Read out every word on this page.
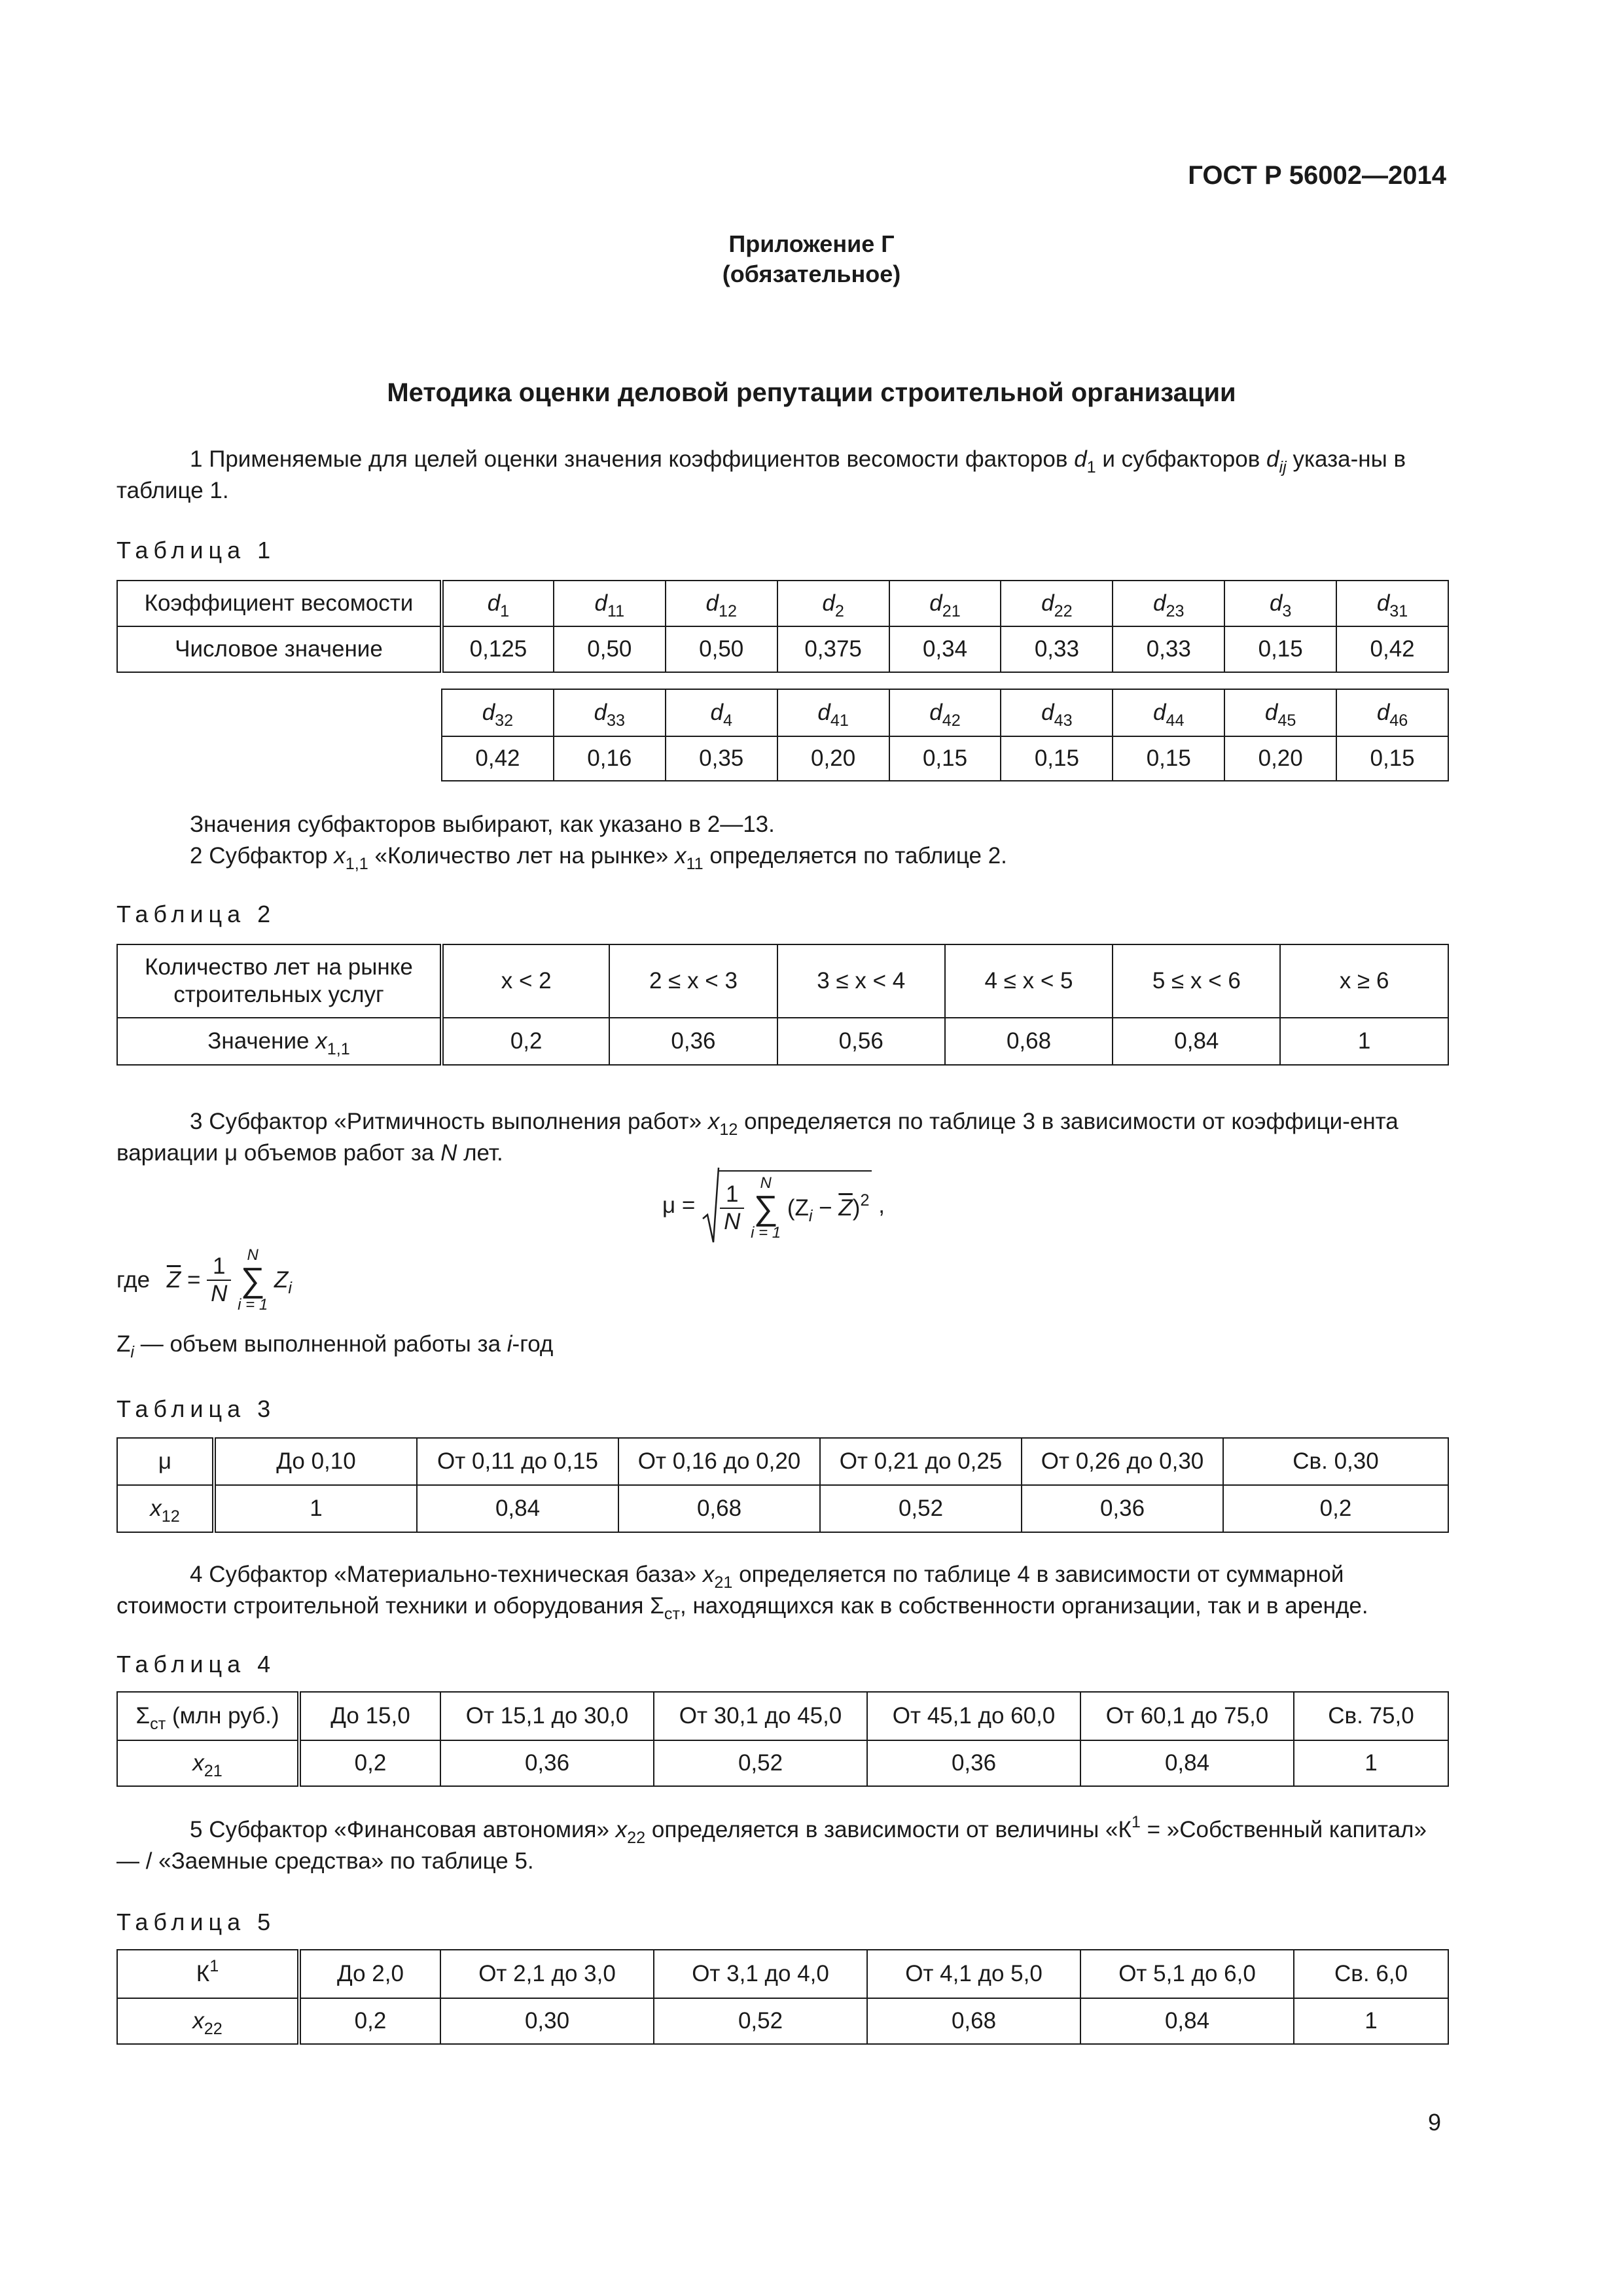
ГОСТ Р 56002—2014
Приложение Г
(обязательное)
Методика оценки деловой репутации строительной организации
1 Применяемые для целей оценки значения коэффициентов весомости факторов $d_1$ и субфакторов $d_{ij}$ указа-ны в таблице 1.
Таблица 1
Коэффициент весомости	$d_1$	$d_{11}$	$d_{12}$	$d_2$	$d_{21}$	$d_{22}$	$d_{23}$	$d_3$	$d_{31}$
Числовое значение	0,125	0,50	0,50	0,375	0,34	0,33	0,33	0,15	0,42
$d_{32}$	$d_{33}$	$d_4$	$d_{41}$	$d_{42}$	$d_{43}$	$d_{44}$	$d_{45}$	$d_{46}$
0,42	0,16	0,35	0,20	0,15	0,15	0,15	0,20	0,15
Значения субфакторов выбирают, как указано в 2—13.
2 Субфактор $x_{1,1}$ «Количество лет на рынке» $x_{11}$ определяется по таблице 2.
Таблица 2
Количество лет на рынке строительных услуг	x < 2	2 ≤ x < 3	3 ≤ x < 4	4 ≤ x < 5	5 ≤ x < 6	x ≥ 6
Значение $x_{1,1}$	0,2	0,36	0,56	0,68	0,84	1
3 Субфактор «Ритмичность выполнения работ» $x_{12}$ определяется по таблице 3 в зависимости от коэффици-ента вариации μ объемов работ за N лет.
$\mu = \frac{1}{N}$
	N
∑
i = 1
$(Z_i - \overline{Z})^2$ ,
где $\overline{Z} = \frac{1}{N}$
	N
∑
i = 1
$Z_i$
$Z_i$ — объем выполненной работы за i-год
Таблица 3
μ	До 0,10	От 0,11 до 0,15	От 0,16 до 0,20	От 0,21 до 0,25	От 0,26 до 0,30	Св. 0,30
$x_{12}$	1	0,84	0,68	0,52	0,36	0,2
4 Субфактор «Материально-техническая база» $x_{21}$ определяется по таблице 4 в зависимости от суммарной стоимости строительной техники и оборудования $\Sigma_{ст}$, находящихся как в собственности организации, так и в аренде.
Таблица 4
$\Sigma_{ст}$ (млн руб.)	До 15,0	От 15,1 до 30,0	От 30,1 до 45,0	От 45,1 до 60,0	От 60,1 до 75,0	Св. 75,0
$x_{21}$	0,2	0,36	0,52	0,36	0,84	1
5 Субфактор «Финансовая автономия» $x_{22}$ определяется в зависимости от величины «$К^1$ = »Собственный капитал» — / «Заемные средства» по таблице 5.
Таблица 5
$К^1$	До 2,0	От 2,1 до 3,0	От 3,1 до 4,0	От 4,1 до 5,0	От 5,1 до 6,0	Св. 6,0
$x_{22}$	0,2	0,30	0,52	0,68	0,84	1
9
